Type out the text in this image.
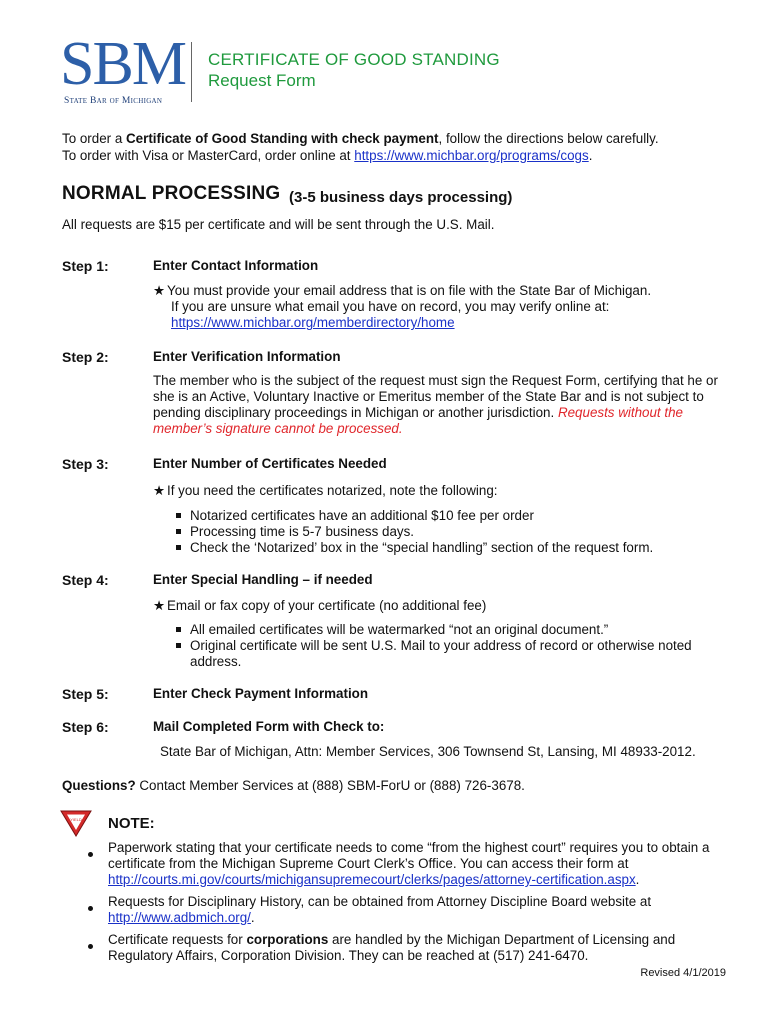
SBM
State Bar of Michigan
CERTIFICATE OF GOOD STANDING
Request Form
To order a Certificate of Good Standing with check payment, follow the directions below carefully.
To order with Visa or MasterCard, order online at https://www.michbar.org/programs/cogs.
NORMAL PROCESSING (3-5 business days processing)
All requests are $15 per certificate and will be sent through the U.S. Mail.
Step 1:	Enter Contact Information
★ You must provide your email address that is on file with the State Bar of Michigan.
If you are unsure what email you have on record, you may verify online at:
https://www.michbar.org/memberdirectory/home
Step 2:	Enter Verification Information
The member who is the subject of the request must sign the Request Form, certifying that he or she is an Active, Voluntary Inactive or Emeritus member of the State Bar and is not subject to pending disciplinary proceedings in Michigan or another jurisdiction. Requests without the member’s signature cannot be processed.
Step 3:	Enter Number of Certificates Needed
★ If you need the certificates notarized, note the following:
Notarized certificates have an additional $10 fee per order
Processing time is 5-7 business days.
Check the ‘Notarized’ box in the “special handling” section of the request form.
Step 4:	Enter Special Handling – if needed
★ Email or fax copy of your certificate (no additional fee)
All emailed certificates will be watermarked “not an original document.”
Original certificate will be sent U.S. Mail to your address of record or otherwise noted address.
Step 5:	Enter Check Payment Information
Step 6:	Mail Completed Form with Check to:
State Bar of Michigan, Attn: Member Services, 306 Townsend St, Lansing, MI 48933-2012.
Questions? Contact Member Services at (888) SBM-ForU or (888) 726-3678.
YIELD NOTE:
Paperwork stating that your certificate needs to come “from the highest court” requires you to obtain a certificate from the Michigan Supreme Court Clerk’s Office. You can access their form at http://courts.mi.gov/courts/michigansupremecourt/clerks/pages/attorney-certification.aspx.
Requests for Disciplinary History, can be obtained from Attorney Discipline Board website at http://www.adbmich.org/.
Certificate requests for corporations are handled by the Michigan Department of Licensing and Regulatory Affairs, Corporation Division. They can be reached at (517) 241-6470.
Revised 4/1/2019
